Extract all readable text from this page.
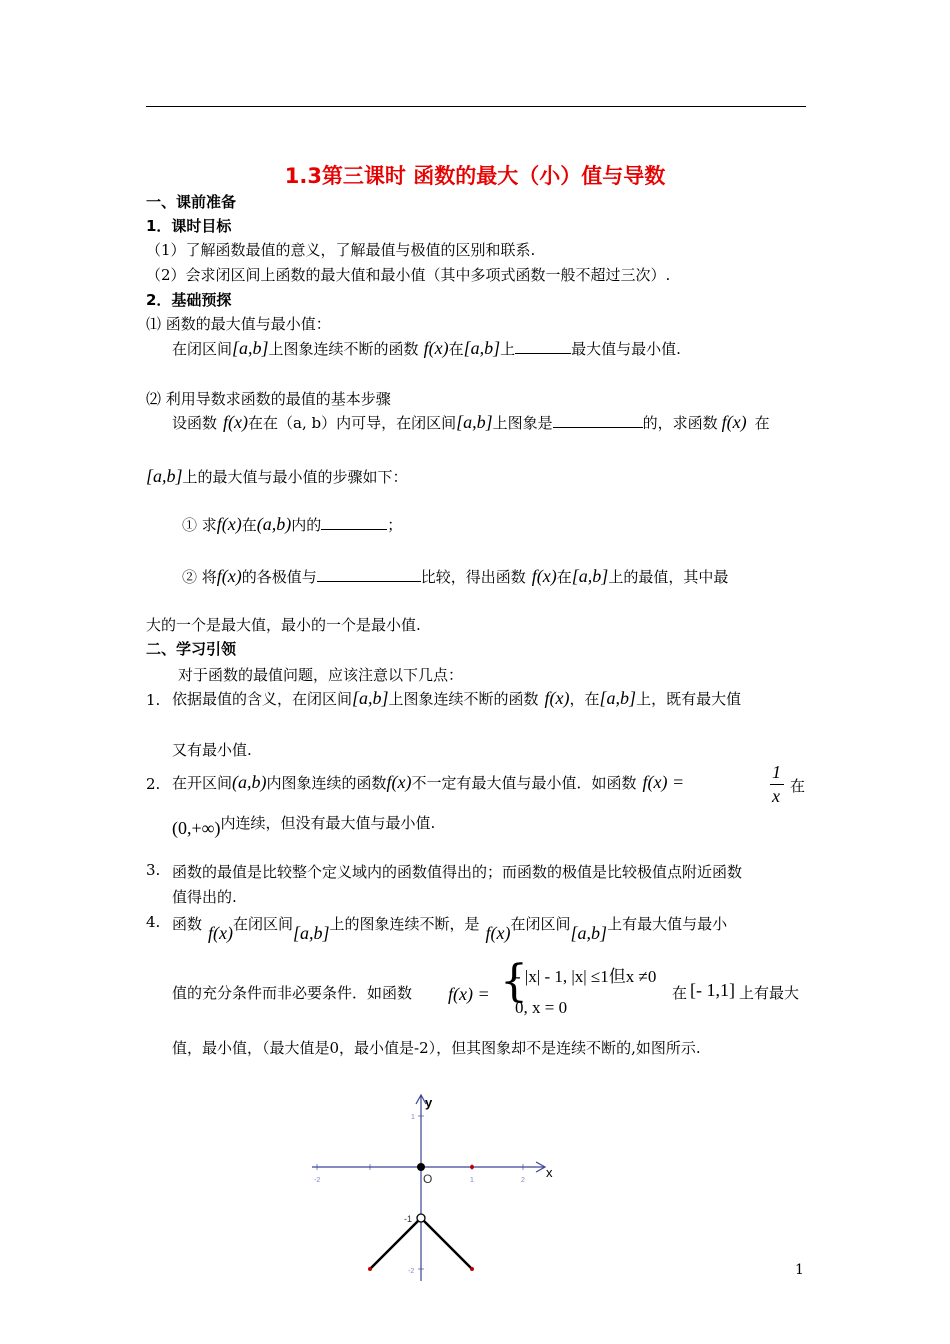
1.3第三课时 函数的最大（小）值与导数
一、课前准备
1．课时目标
（1）了解函数最值的意义，了解最值与极值的区别和联系.
（2）会求闭区间上函数的最大值和最小值（其中多项式函数一般不超过三次）.
2．基础预探
⑴ 函数的最大值与最小值：
在闭区间[a,b]上图象连续不断的函数 f(x)在[a,b]上	最大值与最小值.
⑵ 利用导数求函数的最值的基本步骤
设函数 f(x)在在（a, b）内可导，在闭区间[a,b]上图象是	的，求函数 f(x) 在
[a,b]上的最大值与最小值的步骤如下：
① 求f(x)在(a,b)内的	；
② 将f(x)的各极值与	比较，得出函数 f(x)在[a,b]上的最值，其中最
大的一个是最大值，最小的一个是最小值.
二、学习引领
对于函数的最值问题，应该注意以下几点：
1. 依据最值的含义，在闭区间[a,b]上图象连续不断的函数 f(x)，在[a,b]上，既有最大值
又有最小值.
2. 在开区间(a,b)内图象连续的函数f(x)不一定有最大值与最小值．如函数 f(x) =	1
x 在
(0,+∞)内连续，但没有最大值与最小值.
3. 函数的最值是比较整个定义域内的函数值得出的；而函数的极值是比较极值点附近函数
值得出的.
4. 函数 f(x)在闭区间[a,b]上的图象连续不断，是 f(x)在闭区间[a,b]上有最大值与最小
值的充分条件而非必要条件．如函数 f(x) = {
- |x| - 1, |x| ≤1但x ≠0
0, x = 0
在 [- 1,1] 上有最大
值，最小值，（最大值是0，最小值是-2），但其图象却不是连续不断的,如图所示.
x
y
O
-2	1	2
1
-1
-2	1
